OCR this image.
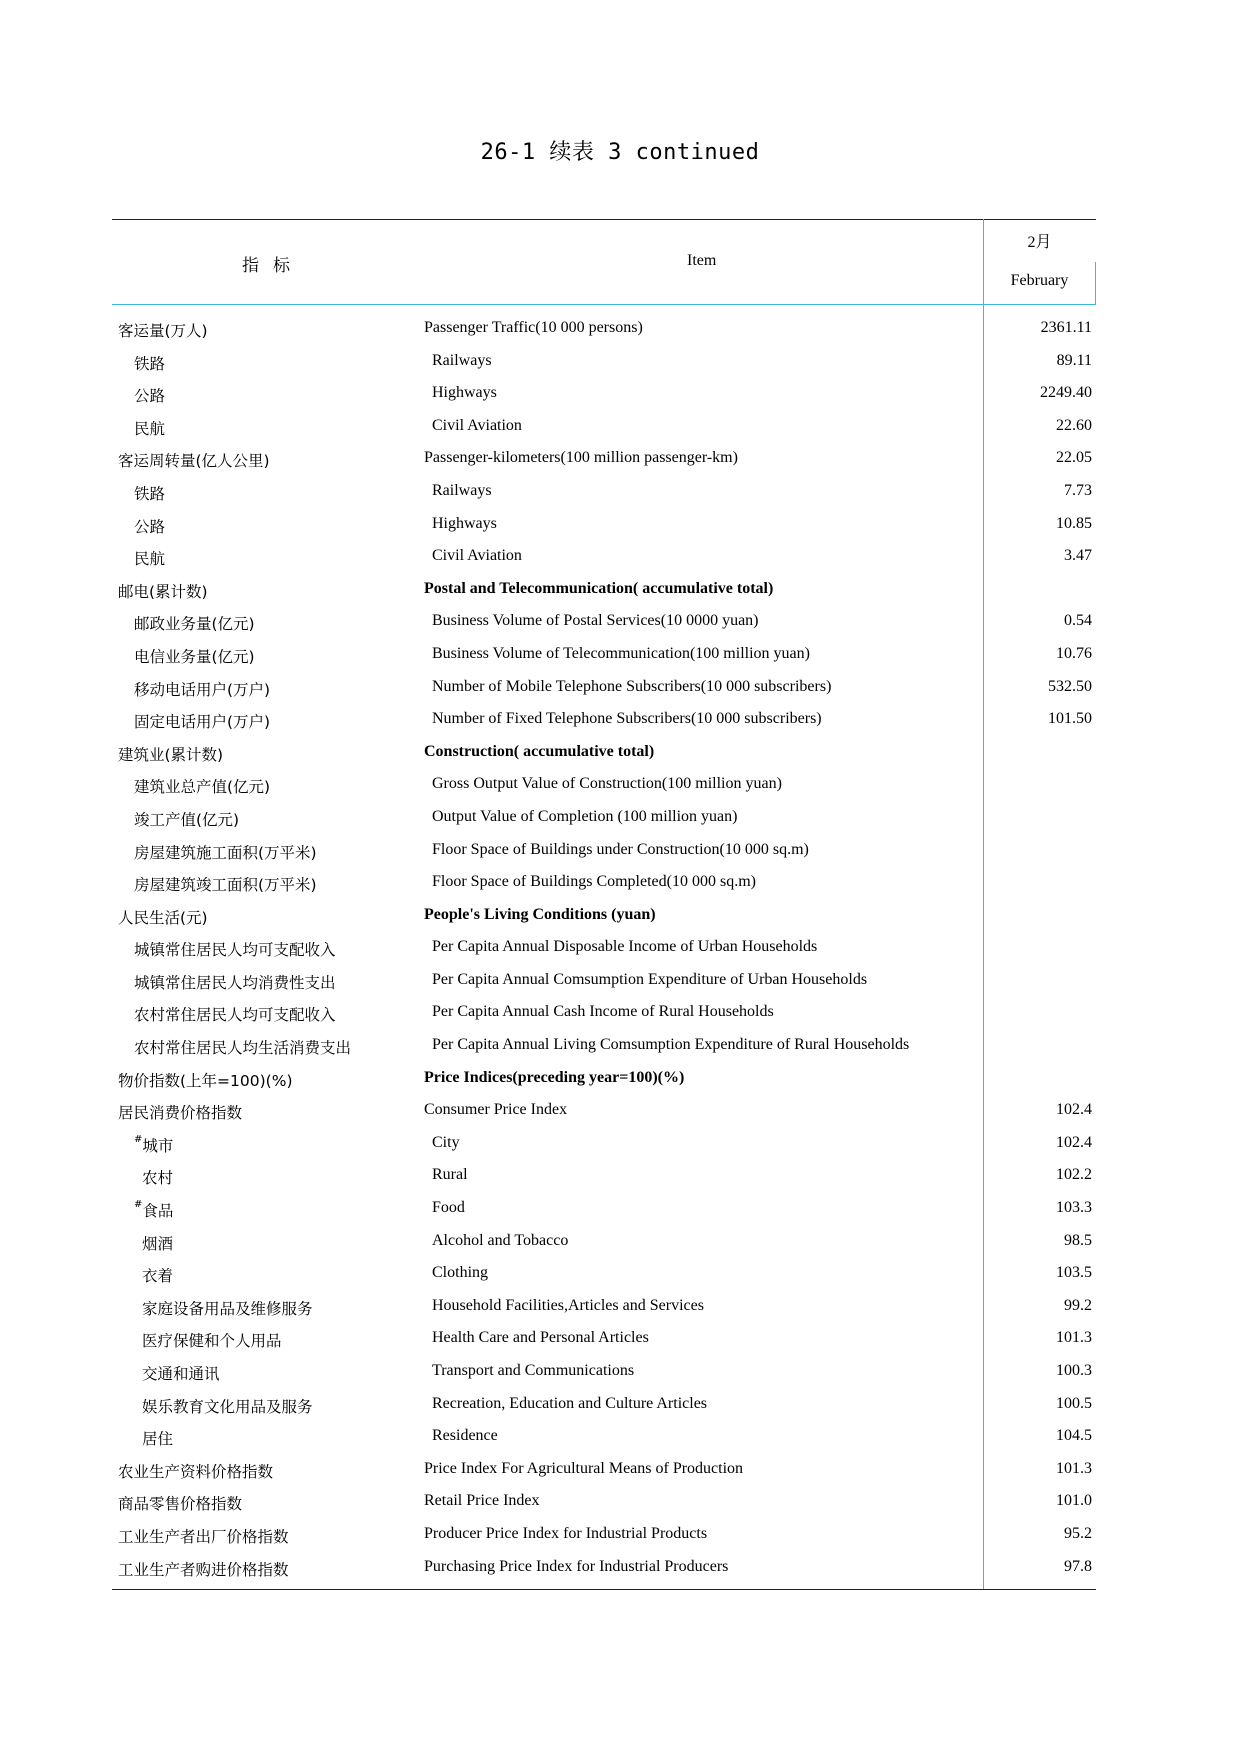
26-1 续表 3 continued
指标	Item
2月
February
客运量(万人)	Passenger Traffic(10 000 persons)	2361.11
铁路	Railways	89.11
公路	Highways	2249.40
民航	Civil Aviation	22.60
客运周转量(亿人公里)	Passenger-kilometers(100 million passenger-km)	22.05
铁路	Railways	7.73
公路	Highways	10.85
民航	Civil Aviation	3.47
邮电(累计数)	Postal and Telecommunication( accumulative total)
邮政业务量(亿元)	Business Volume of Postal Services(10 0000 yuan)	0.54
电信业务量(亿元)	Business Volume of Telecommunication(100 million yuan)	10.76
移动电话用户(万户)	Number of Mobile Telephone Subscribers(10 000 subscribers)	532.50
固定电话用户(万户)	Number of Fixed Telephone Subscribers(10 000 subscribers)	101.50
建筑业(累计数)	Construction( accumulative total)
建筑业总产值(亿元)	Gross Output Value of Construction(100 million yuan)
竣工产值(亿元)	Output Value of Completion (100 million yuan)
房屋建筑施工面积(万平米)	Floor Space of Buildings under Construction(10 000 sq.m)
房屋建筑竣工面积(万平米)	Floor Space of Buildings Completed(10 000 sq.m)
人民生活(元)	People's Living Conditions (yuan)
城镇常住居民人均可支配收入	Per Capita Annual Disposable Income of Urban Households
城镇常住居民人均消费性支出	Per Capita Annual Comsumption Expenditure of Urban Households
农村常住居民人均可支配收入	Per Capita Annual Cash Income of Rural Households
农村常住居民人均生活消费支出	Per Capita Annual Living Comsumption Expenditure of Rural Households
物价指数(上年=100)(%)	Price Indices(preceding year=100)(%)
居民消费价格指数	Consumer Price Index	102.4
#城市	City	102.4
农村	Rural	102.2
#食品	Food	103.3
烟酒	Alcohol and Tobacco	98.5
衣着	Clothing	103.5
家庭设备用品及维修服务	Household Facilities,Articles and Services	99.2
医疗保健和个人用品	Health Care and Personal Articles	101.3
交通和通讯	Transport and Communications	100.3
娱乐教育文化用品及服务	Recreation, Education and Culture Articles	100.5
居住	Residence	104.5
农业生产资料价格指数	Price Index For Agricultural Means of Production	101.3
商品零售价格指数	Retail Price Index	101.0
工业生产者出厂价格指数	Producer Price Index for Industrial Products	95.2
工业生产者购进价格指数	Purchasing Price Index for Industrial Producers	97.8
